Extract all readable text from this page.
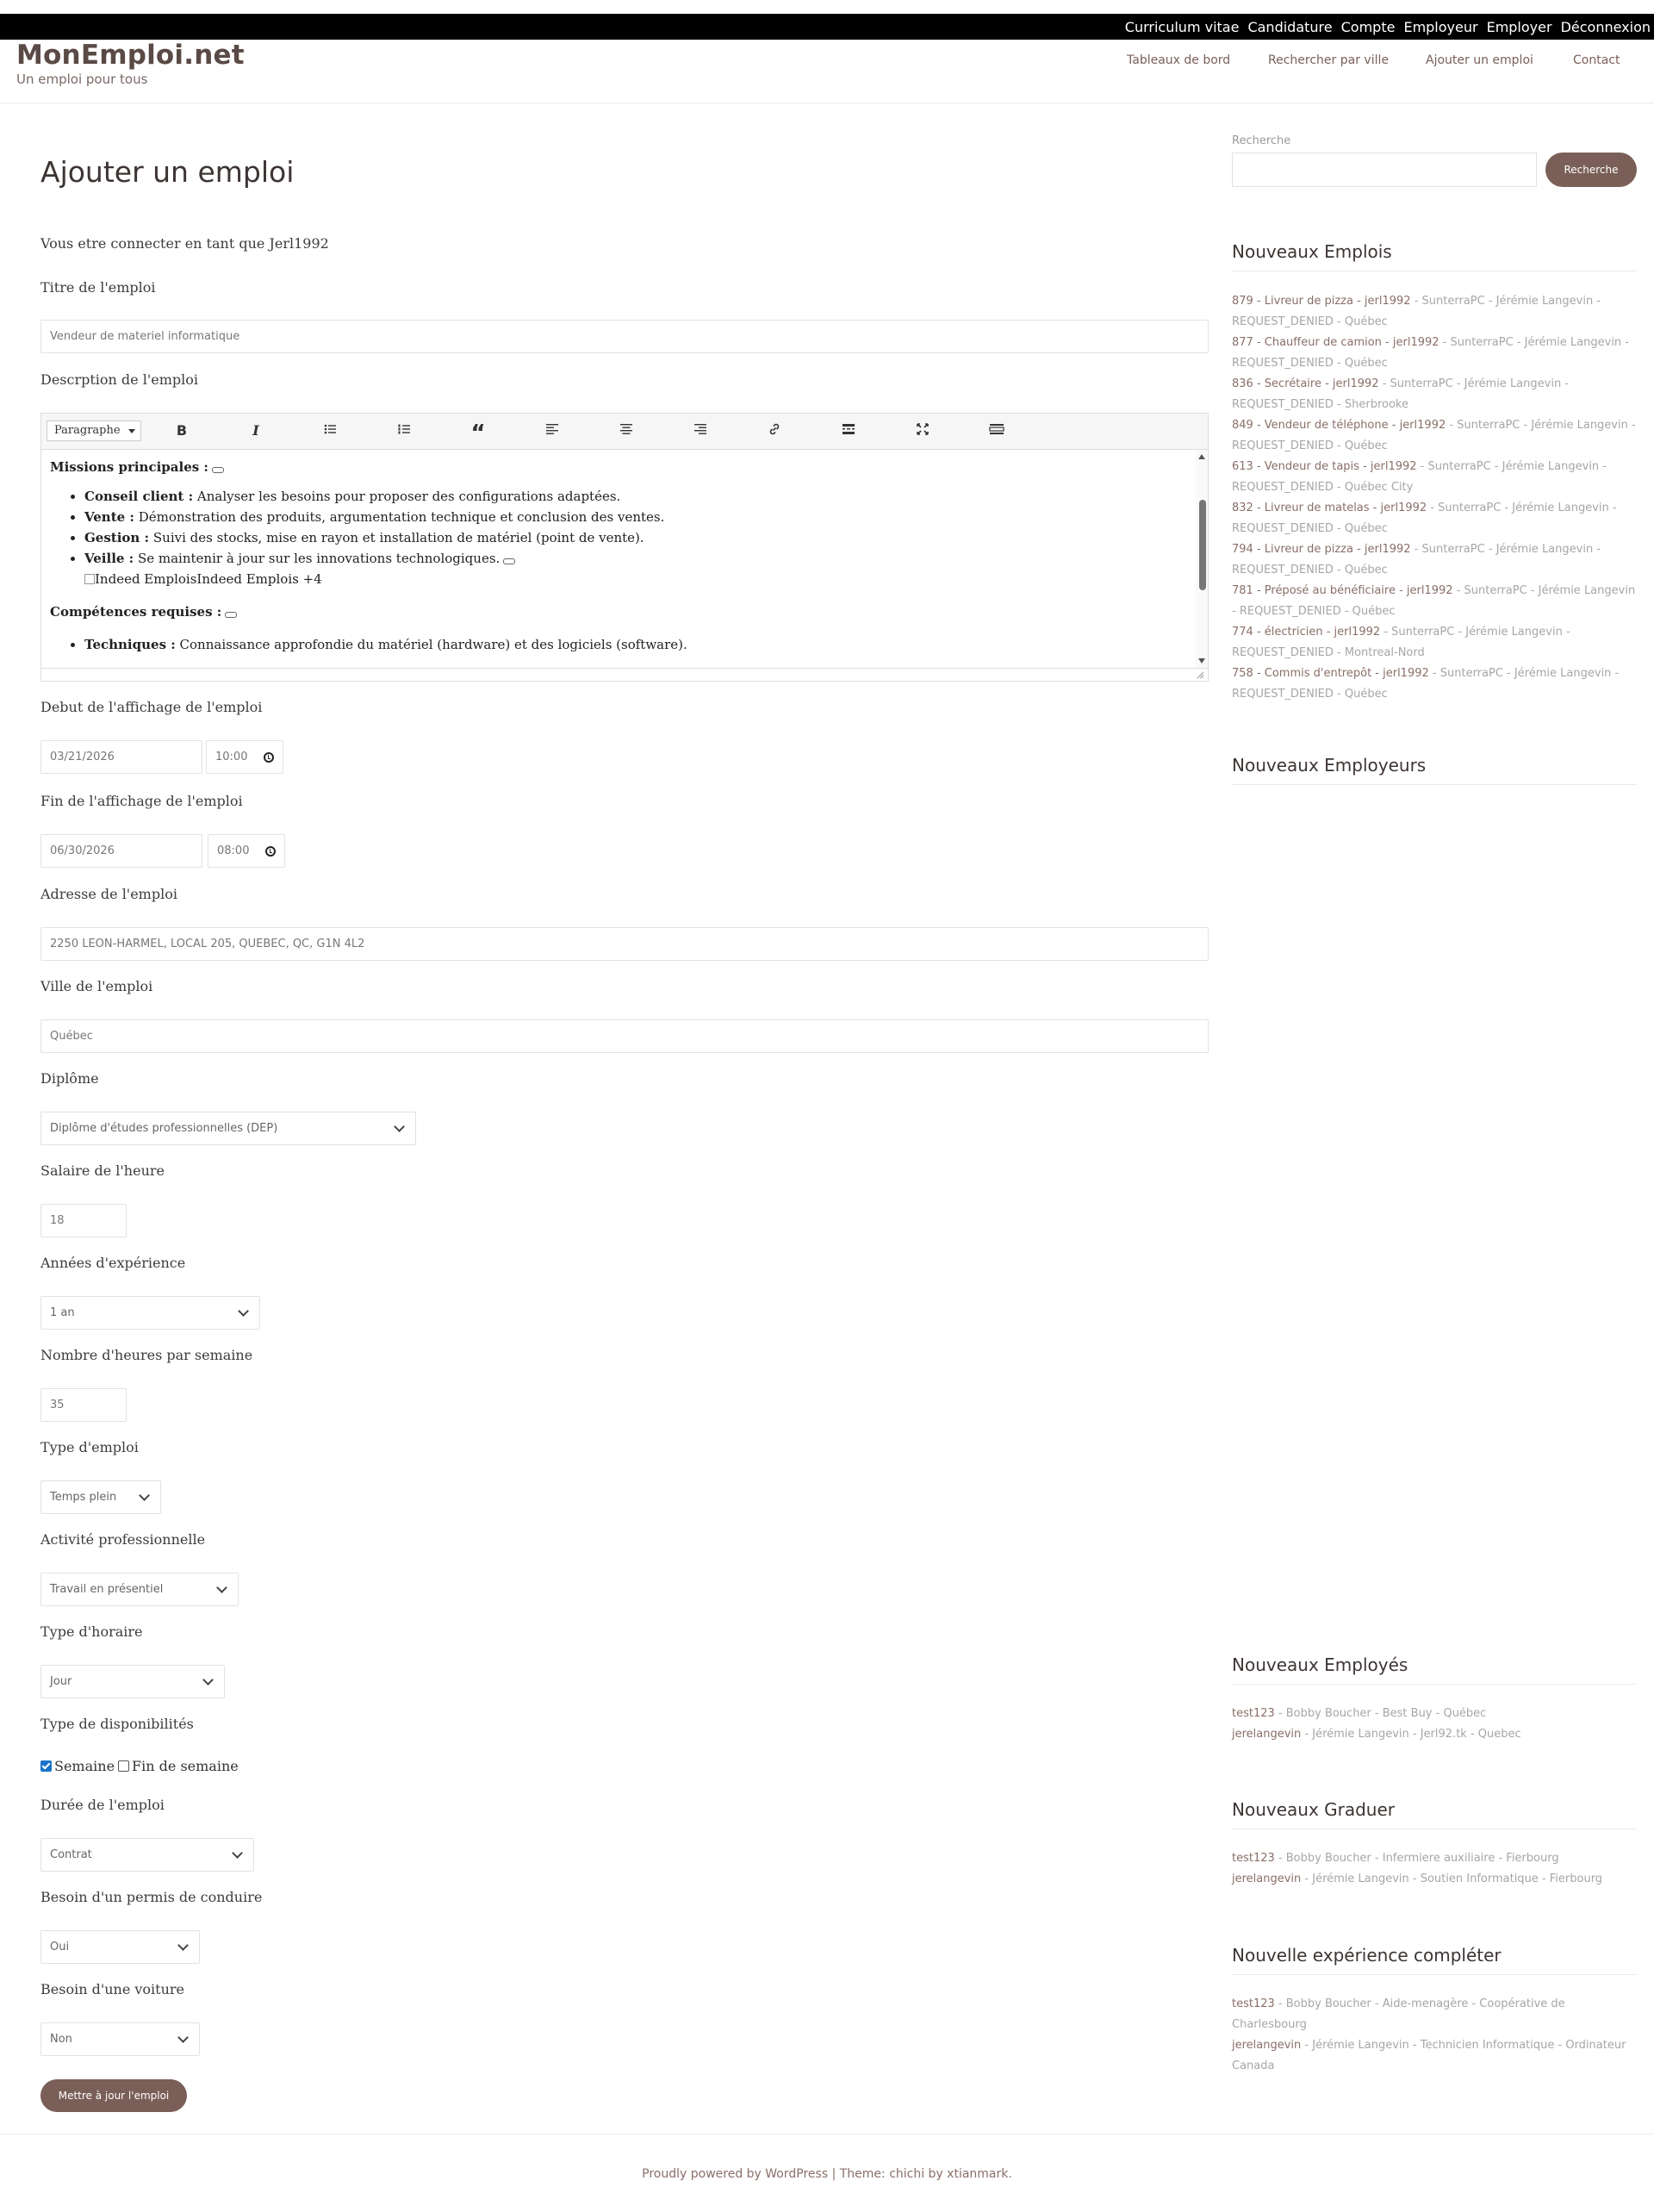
Curriculum vitae Candidature Compte Employeur Employer Déconnexion
MonEmploi.net
Un emploi pour tous
Tableaux de bord	Rechercher par ville	Ajouter un emploi	Contact
Ajouter un emploi
Vous etre connecter en tant que Jerl1992
Titre de l'emploi
Vendeur de materiel informatique
Descrption de l'emploi
Paragraphe	B	I	“

Missions principales :

• Conseil client : Analyser les besoins pour proposer des configurations adaptées.
• Vente : Démonstration des produits, argumentation technique et conclusion des ventes.
• Gestion : Suivi des stocks, mise en rayon et installation de matériel (point de vente).
• Veille : Se maintenir à jour sur les innovations technologiques.
Indeed EmploisIndeed Emplois +4

Compétences requises :

• Techniques : Connaissance approfondie du matériel (hardware) et des logiciels (software).
Debut de l'affichage de l'emploi
03/21/2026	10:00
Fin de l'affichage de l'emploi
06/30/2026	08:00
Adresse de l'emploi
2250 LEON-HARMEL, LOCAL 205, QUEBEC, QC, G1N 4L2
Ville de l'emploi
Québec
Diplôme
Diplôme d'études professionnelles (DEP)
Salaire de l'heure
18
Années d'expérience
1 an
Nombre d'heures par semaine
35
Type d'emploi
Temps plein
Activité professionnelle
Travail en présentiel
Type d'horaire
Jour
Type de disponibilités
Semaine Fin de semaine
Durée de l'emploi
Contrat
Besoin d'un permis de conduire
Oui
Besoin d'une voiture
Non
Mettre à jour l'emploi
Recherche
Recherche
Nouveaux Emplois
879 - Livreur de pizza - jerl1992 - SunterraPC - Jérémie Langevin - REQUEST_DENIED - Québec
877 - Chauffeur de camion - jerl1992 - SunterraPC - Jérémie Langevin - REQUEST_DENIED - Québec
836 - Secrétaire - jerl1992 - SunterraPC - Jérémie Langevin - REQUEST_DENIED - Sherbrooke
849 - Vendeur de téléphone - jerl1992 - SunterraPC - Jérémie Langevin - REQUEST_DENIED - Québec
613 - Vendeur de tapis - jerl1992 - SunterraPC - Jérémie Langevin - REQUEST_DENIED - Québec City
832 - Livreur de matelas - jerl1992 - SunterraPC - Jérémie Langevin - REQUEST_DENIED - Québec
794 - Livreur de pizza - jerl1992 - SunterraPC - Jérémie Langevin - REQUEST_DENIED - Québec
781 - Préposé au bénéficiaire - jerl1992 - SunterraPC - Jérémie Langevin - REQUEST_DENIED - Québec
774 - électricien - jerl1992 - SunterraPC - Jérémie Langevin - REQUEST_DENIED - Montreal-Nord
758 - Commis d'entrepôt - jerl1992 - SunterraPC - Jérémie Langevin - REQUEST_DENIED - Québec
Nouveaux Employeurs
Nouveaux Employés
test123 - Bobby Boucher - Best Buy - Québec
jerelangevin - Jérémie Langevin - Jerl92.tk - Quebec
Nouveaux Graduer
test123 - Bobby Boucher - Infermiere auxiliaire - Fierbourg
jerelangevin - Jérémie Langevin - Soutien Informatique - Fierbourg
Nouvelle expérience compléter
test123 - Bobby Boucher - Aide-menagère - Coopérative de Charlesbourg
jerelangevin - Jérémie Langevin - Technicien Informatique - Ordinateur Canada
Proudly powered by WordPress | Theme: chichi by xtianmark.
